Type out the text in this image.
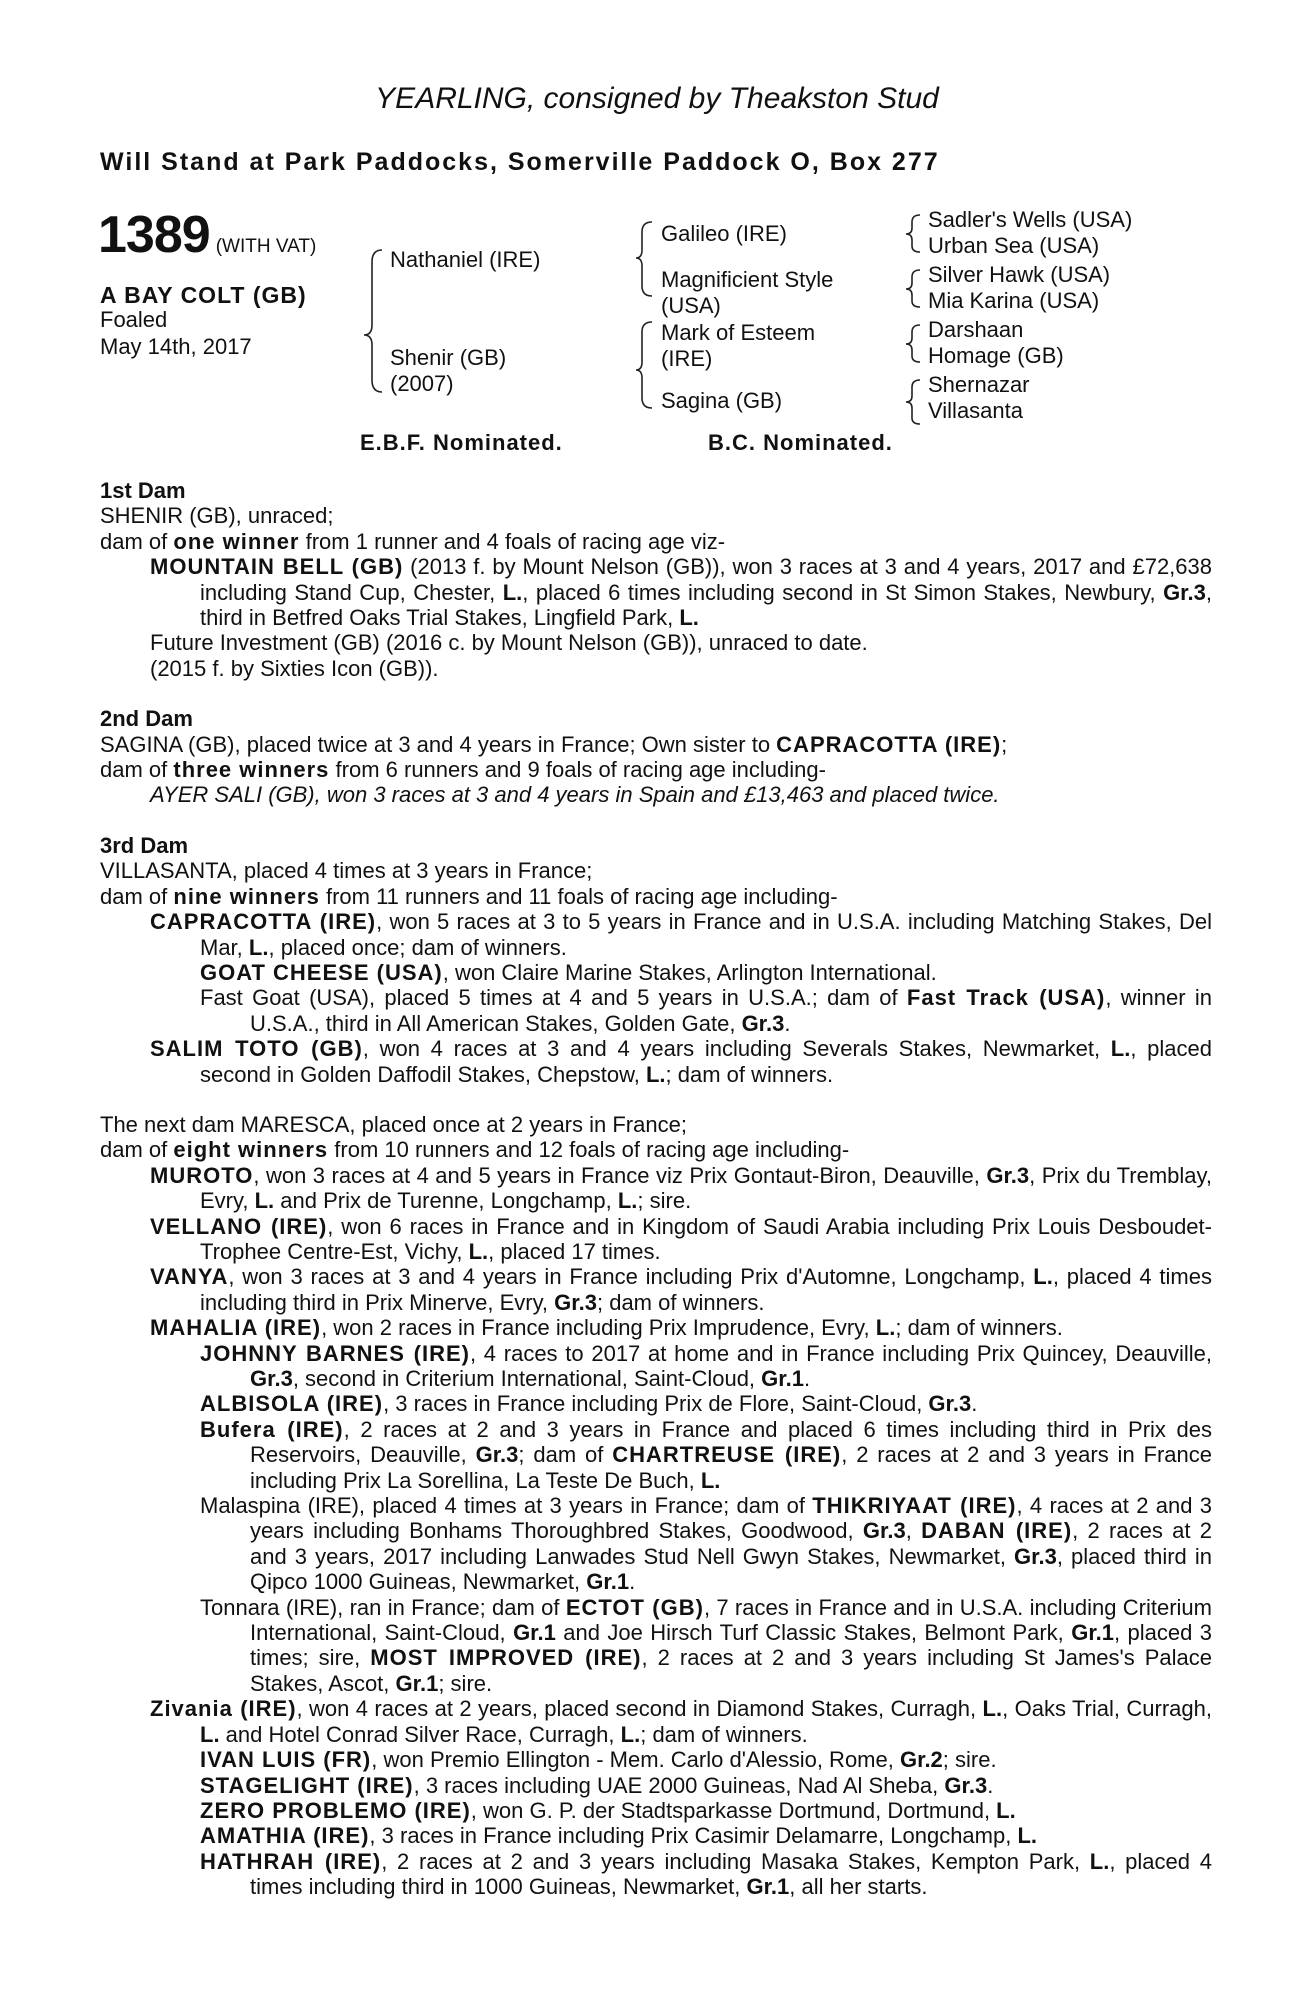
YEARLING, consigned by Theakston Stud
Will Stand at Park Paddocks, Somerville Paddock O, Box 277
1389 (WITH VAT)
A BAY COLT (GB)
Foaled
May 14th, 2017
Nathaniel (IRE)
Shenir (GB)
(2007)
Galileo (IRE)
Magnificient Style
(USA)
Mark of Esteem
(IRE)
Sagina (GB)
Sadler's Wells (USA)
Urban Sea (USA)
Silver Hawk (USA)
Mia Karina (USA)
Darshaan
Homage (GB)
Shernazar
Villasanta
E.B.F. Nominated.	B.C. Nominated.
1st Dam

SHENIR (GB), unraced;

dam of one winner from 1 runner and 4 foals of racing age viz-

MOUNTAIN BELL (GB) (2013 f. by Mount Nelson (GB)), won 3 races at 3 and 4 years, 2017 and £72,638 including Stand Cup, Chester, L., placed 6 times including second in St Simon Stakes, Newbury, Gr.3, third in Betfred Oaks Trial Stakes, Lingfield Park, L.

Future Investment (GB) (2016 c. by Mount Nelson (GB)), unraced to date.

(2015 f. by Sixties Icon (GB)).

2nd Dam

SAGINA (GB), placed twice at 3 and 4 years in France; Own sister to CAPRACOTTA (IRE);

dam of three winners from 6 runners and 9 foals of racing age including-

AYER SALI (GB), won 3 races at 3 and 4 years in Spain and £13,463 and placed twice.

3rd Dam

VILLASANTA, placed 4 times at 3 years in France;

dam of nine winners from 11 runners and 11 foals of racing age including-

CAPRACOTTA (IRE), won 5 races at 3 to 5 years in France and in U.S.A. including Matching Stakes, Del Mar, L., placed once; dam of winners.

GOAT CHEESE (USA), won Claire Marine Stakes, Arlington International.

Fast Goat (USA), placed 5 times at 4 and 5 years in U.S.A.; dam of Fast Track (USA), winner in U.S.A., third in All American Stakes, Golden Gate, Gr.3.

SALIM TOTO (GB), won 4 races at 3 and 4 years including Severals Stakes, Newmarket, L., placed second in Golden Daffodil Stakes, Chepstow, L.; dam of winners.

The next dam MARESCA, placed once at 2 years in France;

dam of eight winners from 10 runners and 12 foals of racing age including-

MUROTO, won 3 races at 4 and 5 years in France viz Prix Gontaut-Biron, Deauville, Gr.3, Prix du Tremblay, Evry, L. and Prix de Turenne, Longchamp, L.; sire.

VELLANO (IRE), won 6 races in France and in Kingdom of Saudi Arabia including Prix Louis Desboudet- Trophee Centre-Est, Vichy, L., placed 17 times.

VANYA, won 3 races at 3 and 4 years in France including Prix d'Automne, Longchamp, L., placed 4 times including third in Prix Minerve, Evry, Gr.3; dam of winners.

MAHALIA (IRE), won 2 races in France including Prix Imprudence, Evry, L.; dam of winners.

JOHNNY BARNES (IRE), 4 races to 2017 at home and in France including Prix Quincey, Deauville, Gr.3, second in Criterium International, Saint-Cloud, Gr.1.

ALBISOLA (IRE), 3 races in France including Prix de Flore, Saint-Cloud, Gr.3.

Bufera (IRE), 2 races at 2 and 3 years in France and placed 6 times including third in Prix des Reservoirs, Deauville, Gr.3; dam of CHARTREUSE (IRE), 2 races at 2 and 3 years in France including Prix La Sorellina, La Teste De Buch, L.

Malaspina (IRE), placed 4 times at 3 years in France; dam of THIKRIYAAT (IRE), 4 races at 2 and 3 years including Bonhams Thoroughbred Stakes, Goodwood, Gr.3, DABAN (IRE), 2 races at 2 and 3 years, 2017 including Lanwades Stud Nell Gwyn Stakes, Newmarket, Gr.3, placed third in Qipco 1000 Guineas, Newmarket, Gr.1.

Tonnara (IRE), ran in France; dam of ECTOT (GB), 7 races in France and in U.S.A. including Criterium International, Saint-Cloud, Gr.1 and Joe Hirsch Turf Classic Stakes, Belmont Park, Gr.1, placed 3 times; sire, MOST IMPROVED (IRE), 2 races at 2 and 3 years including St James's Palace Stakes, Ascot, Gr.1; sire.

Zivania (IRE), won 4 races at 2 years, placed second in Diamond Stakes, Curragh, L., Oaks Trial, Curragh, L. and Hotel Conrad Silver Race, Curragh, L.; dam of winners.

IVAN LUIS (FR), won Premio Ellington - Mem. Carlo d'Alessio, Rome, Gr.2; sire.

STAGELIGHT (IRE), 3 races including UAE 2000 Guineas, Nad Al Sheba, Gr.3.

ZERO PROBLEMO (IRE), won G. P. der Stadtsparkasse Dortmund, Dortmund, L.

AMATHIA (IRE), 3 races in France including Prix Casimir Delamarre, Longchamp, L.

HATHRAH (IRE), 2 races at 2 and 3 years including Masaka Stakes, Kempton Park, L., placed 4 times including third in 1000 Guineas, Newmarket, Gr.1, all her starts.
